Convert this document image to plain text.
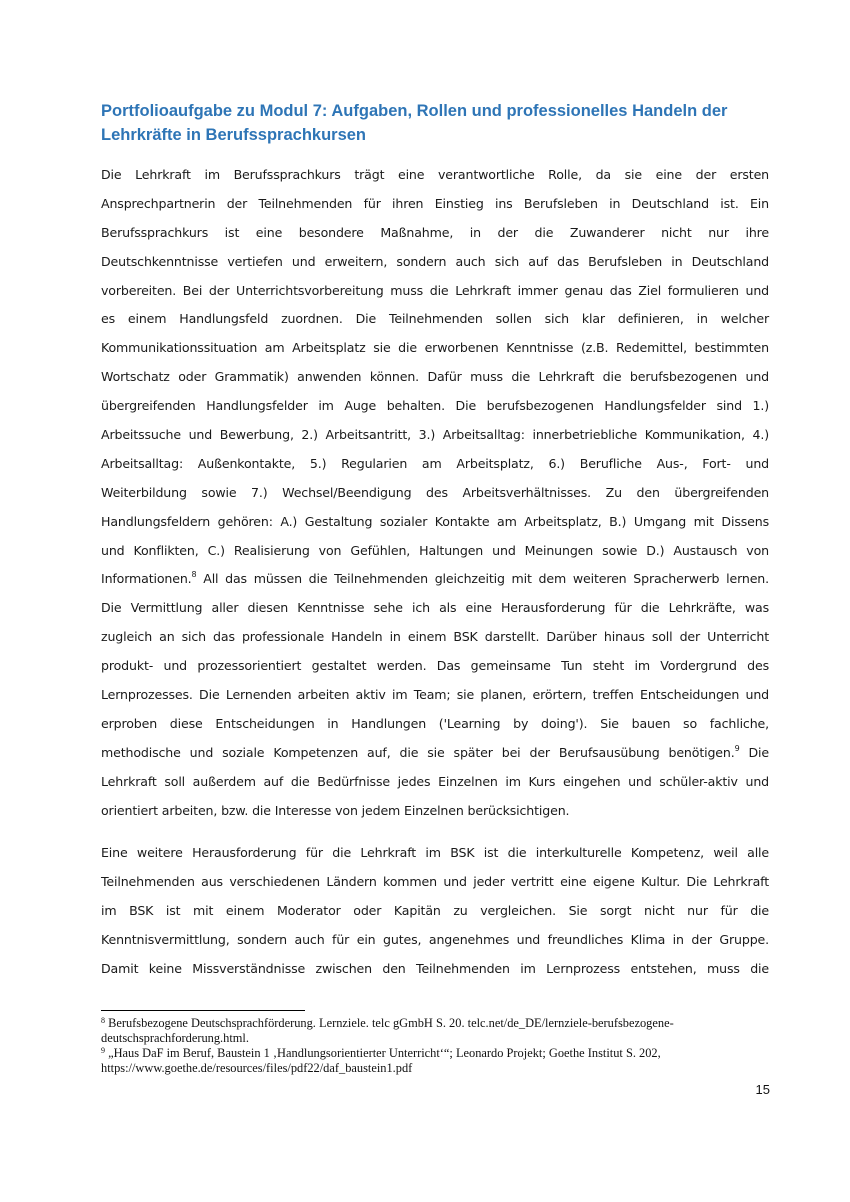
Portfolioaufgabe zu Modul 7: Aufgaben, Rollen und professionelles Handeln der
Lehrkräfte in Berufssprachkursen
Die Lehrkraft im Berufssprachkurs trägt eine verantwortliche Rolle, da sie eine der ersten
Ansprechpartnerin der Teilnehmenden für ihren Einstieg ins Berufsleben in Deutschland ist. Ein
Berufssprachkurs ist eine besondere Maßnahme, in der die Zuwanderer nicht nur ihre
Deutschkenntnisse vertiefen und erweitern, sondern auch sich auf das Berufsleben in Deutschland
vorbereiten. Bei der Unterrichtsvorbereitung muss die Lehrkraft immer genau das Ziel formulieren und
es einem Handlungsfeld zuordnen. Die Teilnehmenden sollen sich klar definieren, in welcher
Kommunikationssituation am Arbeitsplatz sie die erworbenen Kenntnisse (z.B. Redemittel, bestimmten
Wortschatz oder Grammatik) anwenden können. Dafür muss die Lehrkraft die berufsbezogenen und
übergreifenden Handlungsfelder im Auge behalten. Die berufsbezogenen Handlungsfelder sind 1.)
Arbeitssuche und Bewerbung, 2.) Arbeitsantritt, 3.) Arbeitsalltag: innerbetriebliche Kommunikation, 4.)
Arbeitsalltag: Außenkontakte, 5.) Regularien am Arbeitsplatz, 6.) Berufliche Aus-, Fort- und
Weiterbildung sowie 7.) Wechsel/Beendigung des Arbeitsverhältnisses. Zu den übergreifenden
Handlungsfeldern gehören: A.) Gestaltung sozialer Kontakte am Arbeitsplatz, B.) Umgang mit Dissens
und Konflikten, C.) Realisierung von Gefühlen, Haltungen und Meinungen sowie D.) Austausch von
Informationen.$^8$ All das müssen die Teilnehmenden gleichzeitig mit dem weiteren Spracherwerb lernen.
Die Vermittlung aller diesen Kenntnisse sehe ich als eine Herausforderung für die Lehrkräfte, was
zugleich an sich das professionale Handeln in einem BSK darstellt. Darüber hinaus soll der Unterricht
produkt- und prozessorientiert gestaltet werden. Das gemeinsame Tun steht im Vordergrund des
Lernprozesses. Die Lernenden arbeiten aktiv im Team; sie planen, erörtern, treffen Entscheidungen und
erproben diese Entscheidungen in Handlungen ('Learning by doing'). Sie bauen so fachliche,
methodische und soziale Kompetenzen auf, die sie später bei der Berufsausübung benötigen.$^9$ Die
Lehrkraft soll außerdem auf die Bedürfnisse jedes Einzelnen im Kurs eingehen und schüler-aktiv und
orientiert arbeiten, bzw. die Interesse von jedem Einzelnen berücksichtigen.
Eine weitere Herausforderung für die Lehrkraft im BSK ist die interkulturelle Kompetenz, weil alle
Teilnehmenden aus verschiedenen Ländern kommen und jeder vertritt eine eigene Kultur. Die Lehrkraft
im BSK ist mit einem Moderator oder Kapitän zu vergleichen. Sie sorgt nicht nur für die
Kenntnisvermittlung, sondern auch für ein gutes, angenehmes und freundliches Klima in der Gruppe.
Damit keine Missverständnisse zwischen den Teilnehmenden im Lernprozess entstehen, muss die
$^8$ Berufsbezogene Deutschsprachförderung. Lernziele. telc gGmbH S. 20. telc.net/de_DE/lernziele-berufsbezogene-
deutschsprachforderung.html.
$^9$ „Haus DaF im Beruf, Baustein 1 ‚Handlungsorientierter Unterricht‘“; Leonardo Projekt; Goethe Institut S. 202,
https://www.goethe.de/resources/files/pdf22/daf_baustein1.pdf
15
